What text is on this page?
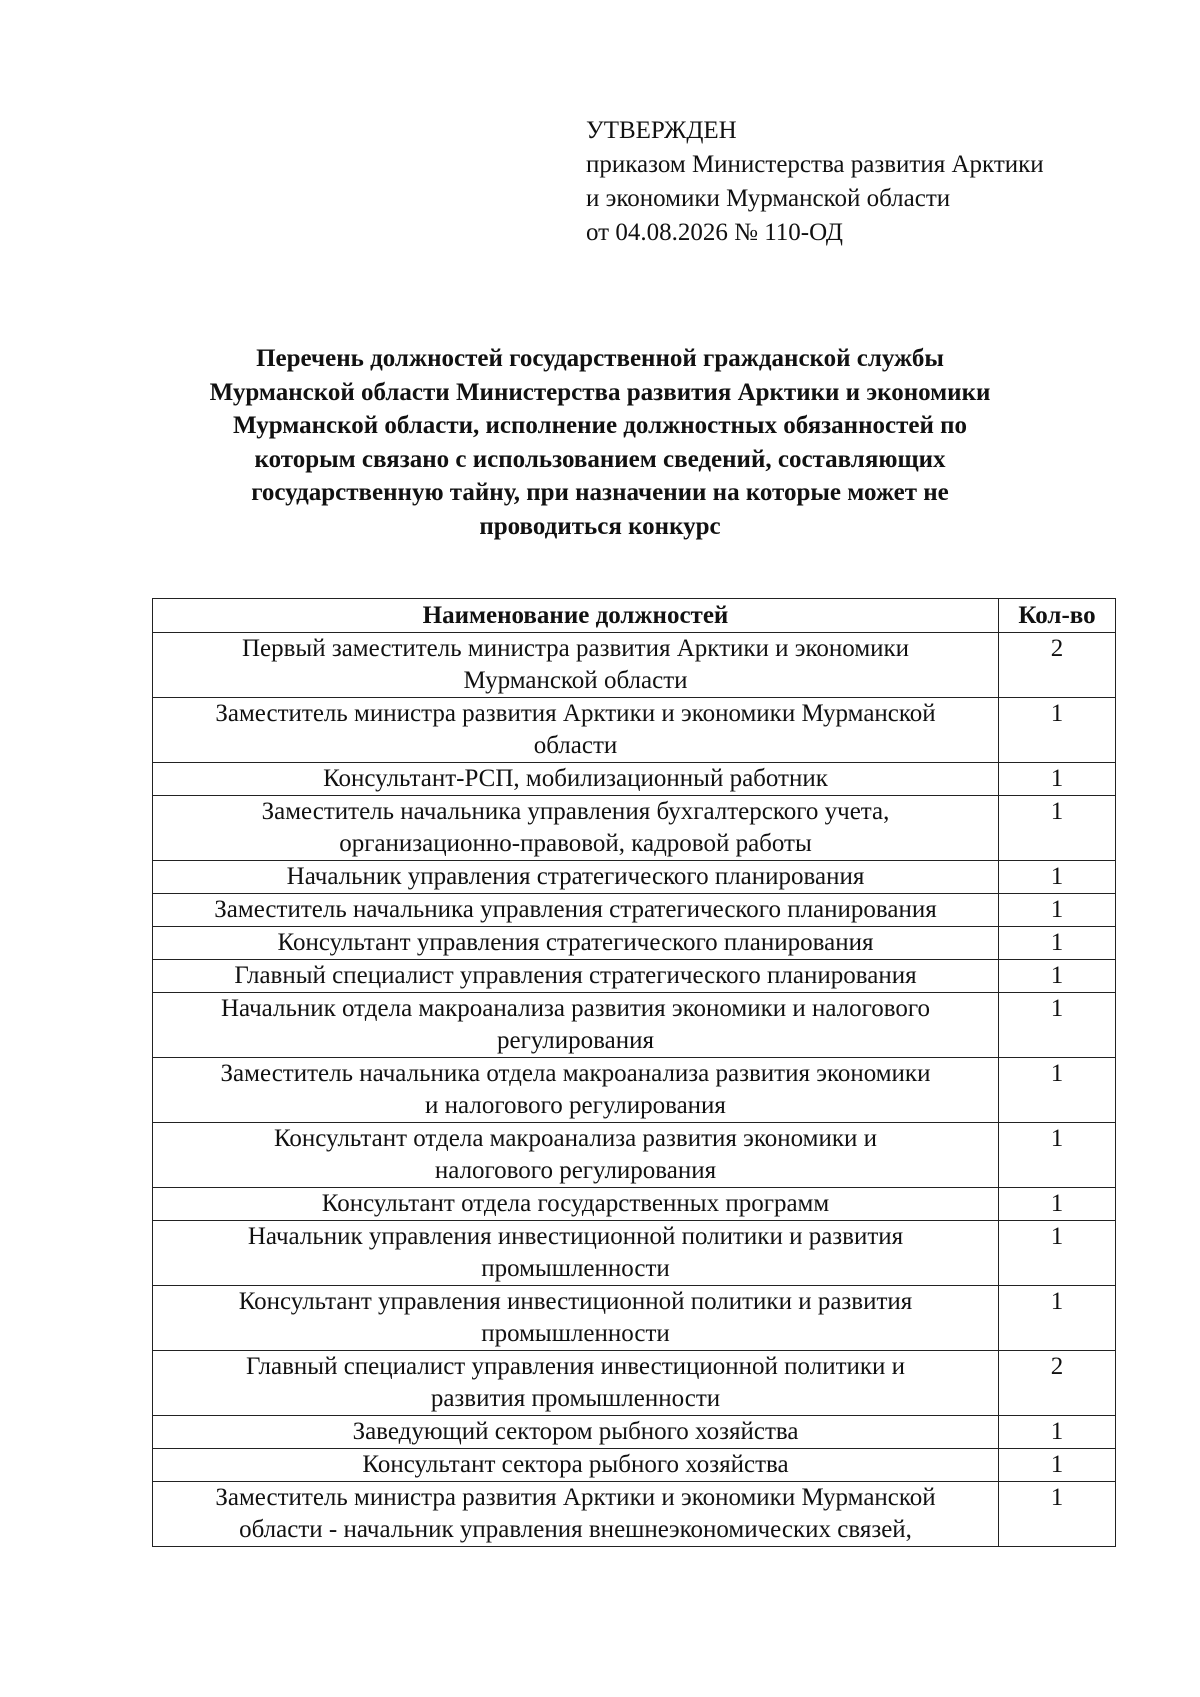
УТВЕРЖДЕН
приказом Министерства развития Арктики
и экономики Мурманской области
от 04.08.2026 № 110-ОД
Перечень должностей государственной гражданской службы
Мурманской области Министерства развития Арктики и экономики
Мурманской области, исполнение должностных обязанностей по
которым связано с использованием сведений, составляющих
государственную тайну, при назначении на которые может не
проводиться конкурс
Наименование должностей	Кол-во

Первый заместитель министра развития Арктики и экономики
Мурманской области	2

Заместитель министра развития Арктики и экономики Мурманской
области	1

Консультант-РСП, мобилизационный работник	1

Заместитель начальника управления бухгалтерского учета,
организационно-правовой, кадровой работы	1

Начальник управления стратегического планирования	1

Заместитель начальника управления стратегического планирования	1

Консультант управления стратегического планирования	1

Главный специалист управления стратегического планирования	1

Начальник отдела макроанализа развития экономики и налогового
регулирования	1

Заместитель начальника отдела макроанализа развития экономики
и налогового регулирования	1

Консультант отдела макроанализа развития экономики и
налогового регулирования	1

Консультант отдела государственных программ	1

Начальник управления инвестиционной политики и развития
промышленности	1

Консультант управления инвестиционной политики и развития
промышленности	1

Главный специалист управления инвестиционной политики и
развития промышленности	2

Заведующий сектором рыбного хозяйства	1

Консультант сектора рыбного хозяйства	1

Заместитель министра развития Арктики и экономики Мурманской
области - начальник управления внешнеэкономических связей,	1
